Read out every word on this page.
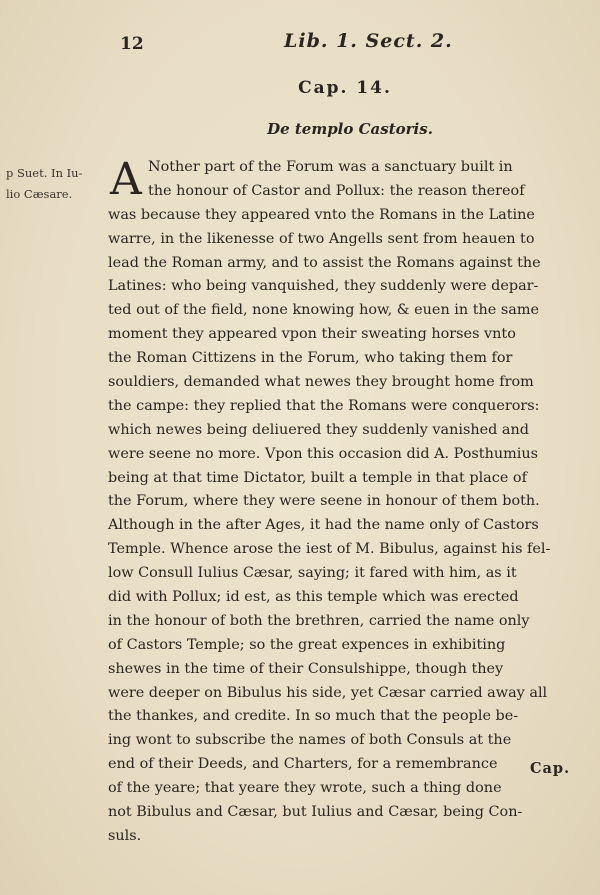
12	Lib. 1. Sect. 2.
Cap. 14.
De templo Castoris.
p Suet. In Iu-
lio Cæsare. A Nother part of the Forum was a sanctuary built in
the honour of Castor and Pollux: the reason thereof
was because they appeared vnto the Romans in the Latine
warre, in the likenesse of two Angells sent from heauen to
lead the Roman army, and to assist the Romans against the
Latines: who being vanquished, they suddenly were depar-
ted out of the field, none knowing how, & euen in the same
moment they appeared vpon their sweating horses vnto
the Roman Cittizens in the Forum, who taking them for
souldiers, demanded what newes they brought home from
the campe: they replied that the Romans were conquerors:
which newes being deliuered they suddenly vanished and
were seene no more. Vpon this occasion did A. Posthumius
being at that time Dictator, built a temple in that place of
the Forum, where they were seene in honour of them both.
Although in the after Ages, it had the name only of Castors
Temple. Whence arose the iest of M. Bibulus, against his fel-
low Consull Iulius Cæsar, saying; it fared with him, as it
did with Pollux; id est, as this temple which was erected
in the honour of both the brethren, carried the name only
of Castors Temple; so the great expences in exhibiting
shewes in the time of their Consulshippe, though they
were deeper on Bibulus his side, yet Cæsar carried away all
the thankes, and credite. In so much that the people be-
ing wont to subscribe the names of both Consuls at the
end of their Deeds, and Charters, for a remembrance
of the yeare; that yeare they wrote, such a thing done
not Bibulus and Cæsar, but Iulius and Cæsar, being Con-
suls.
Cap.
